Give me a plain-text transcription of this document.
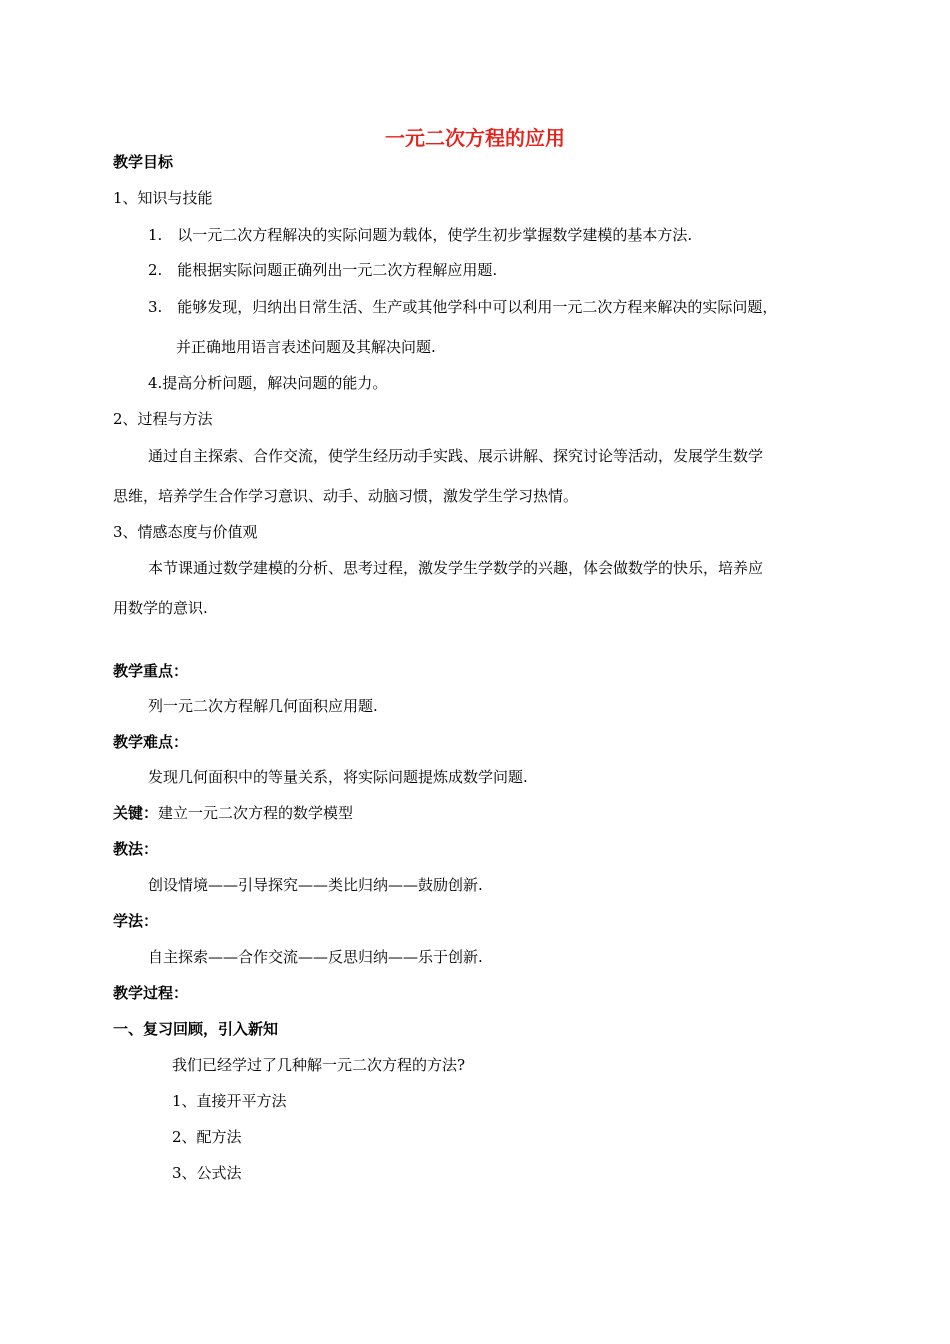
一元二次方程的应用
教学目标
1、知识与技能
1.　以一元二次方程解决的实际问题为载体，使学生初步掌握数学建模的基本方法.
2.　能根据实际问题正确列出一元二次方程解应用题.
3.　能够发现，归纳出日常生活、生产或其他学科中可以利用一元二次方程来解决的实际问题，
并正确地用语言表述问题及其解决问题.
4.提高分析问题，解决问题的能力。
2、过程与方法
通过自主探索、合作交流，使学生经历动手实践、展示讲解、探究讨论等活动，发展学生数学
思维，培养学生合作学习意识、动手、动脑习惯，激发学生学习热情。
3、情感态度与价值观
本节课通过数学建模的分析、思考过程，激发学生学数学的兴趣，体会做数学的快乐，培养应
用数学的意识.
教学重点：
列一元二次方程解几何面积应用题.
教学难点：
发现几何面积中的等量关系，将实际问题提炼成数学问题.
关键：建立一元二次方程的数学模型
教法：
创设情境——引导探究——类比归纳——鼓励创新.
学法：
自主探索——合作交流——反思归纳——乐于创新.
教学过程：
一、复习回顾，引入新知
我们已经学过了几种解一元二次方程的方法?
1、直接开平方法
2、配方法
3、公式法
